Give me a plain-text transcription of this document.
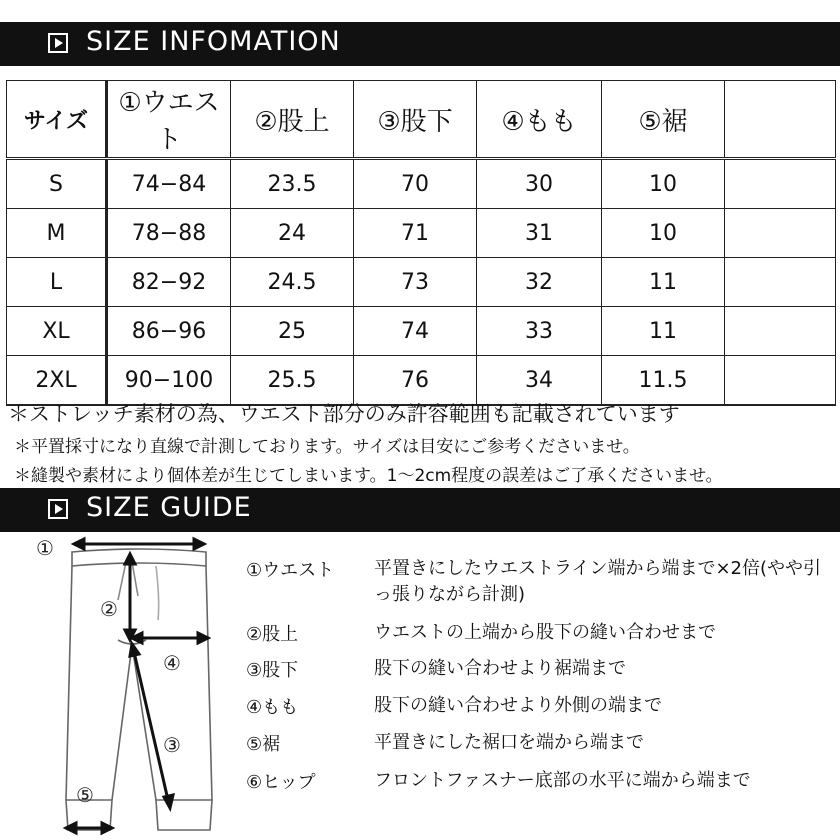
SIZE INFOMATION
サイズ	①ウエスト	②股上	③股下	④もも	⑤裾	
S	74−84	23.5	70	30	10	
M	78−88	24	71	31	10	
L	82−92	24.5	73	32	11	
XL	86−96	25	74	33	11	
2XL	90−100	25.5	76	34	11.5	
＊ストレッチ素材の為、ウエスト部分のみ許容範囲も記載されています
＊平置採寸になり直線で計測しております。サイズは目安にご参考くださいませ。
＊縫製や素材により個体差が生じてしまいます。1〜2cm程度の誤差はご了承くださいませ。
SIZE GUIDE
①
②
④
③
⑤
①ウエスト	平置きにしたウエストライン端から端まで×2倍(やや引っ張りながら計測)
②股上	ウエストの上端から股下の縫い合わせまで
③股下	股下の縫い合わせより裾端まで
④もも	股下の縫い合わせより外側の端まで
⑤裾	平置きにした裾口を端から端まで
⑥ヒップ	フロントファスナー底部の水平に端から端まで
